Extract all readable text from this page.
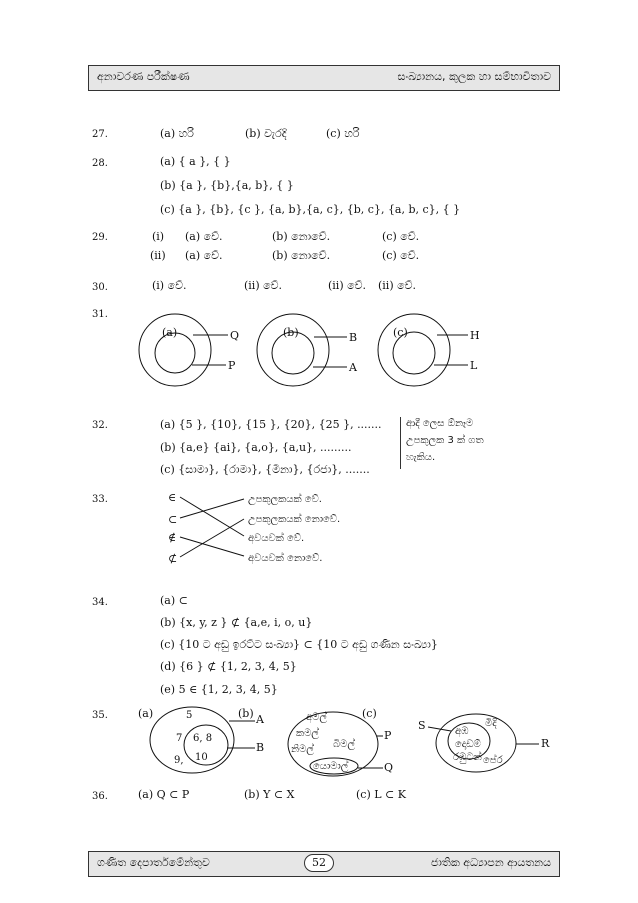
අනාවරණ පරීක්ෂණ	සංඛ්‍යානය, කුලක හා සම්භාවිතාව
27.	(a) හරි	(b) වැරදි	(c) හරි
28.	(a) { a }, { }
(b) {a }, {b},{a, b}, { }
(c) {a }, {b}, {c }, {a, b},{a, c}, {b, c}, {a, b, c}, { }
29.	(i) (a) වේ.	(b) නොවේ.	(c) වේ.
(ii) (a) වේ.	(b) නොවේ.	(c) වේ.
30.	(i) වේ.	(ii) වේ.	(ii) වේ. (ii) වේ.
31.
(a)	(b)	(c)
Q
P
B
A
H
L
32.	(a) {5 }, {10}, {15 }, {20}, {25 }, .......
(b) {a,e} {ai}, {a,o}, {a,u}, .........
(c) {සාමා}, {රාමා}, {මීනා}, {රජා}, .......
ආදී ලෙස ඕනෑම
උපකුලක 3 ක් ගත
හැකිය.
33.	∈
⊂
∉
⊄
උපකුලකයක් වේ.
උපකුලකයක් නොවේ.
අවයවක් වේ.
අවයවක් නොවේ.
34.	(a) ⊂
(b) {x, y, z } ⊄ {a,e, i, o, u}
(c) {10 ට අඩු ඉරට්ට සංඛ්‍යා} ⊂ {10 ට අඩු ගණින සංඛ්‍යා}
(d) {6 } ⊄ {1, 2, 3, 4, 5}
(e) 5 ∈ {1, 2, 3, 4, 5}
35.	(a)	(b)	(c)
5
7 6, 8
9, 10
A
B
අමල්
කමල්
නිමල් බිමල්
යොමාල්
P
Q
S
R
අඹ
මිදි
දොඩම්
රඹුටන් පේර
36.	(a) Q ⊂ P	(b) Y ⊂ X	(c) L ⊂ K
ගණිත දෙපාර්තමේන්තුව	ජාතික අධ්‍යාපන ආයතනය
52
